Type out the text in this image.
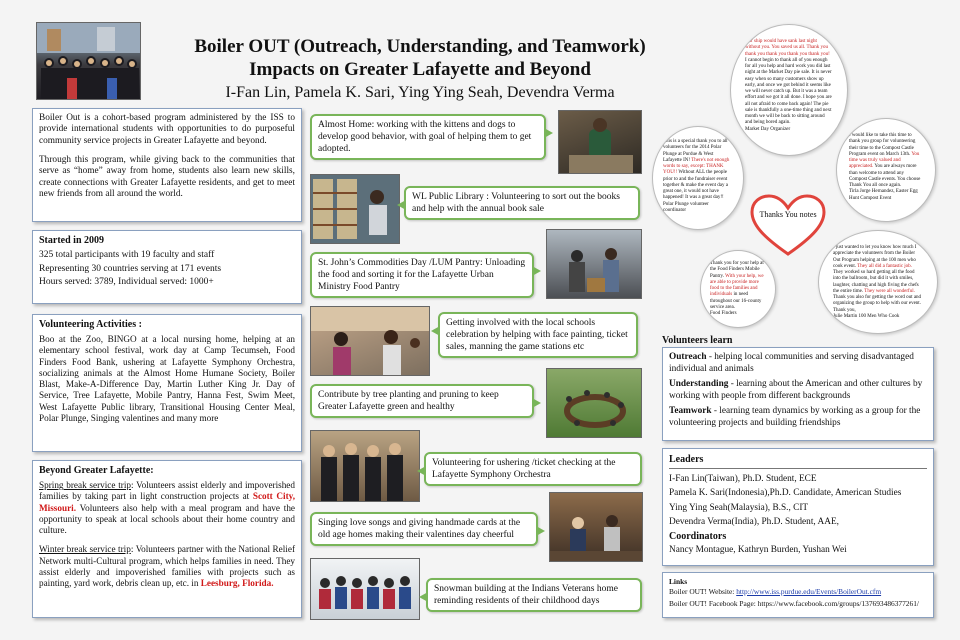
Boiler OUT (Outreach, Understanding, and Teamwork)
Impacts on Greater Lafayette and Beyond
I-Fan Lin, Pamela K. Sari, Ying Ying Seah, Devendra Verma

Boiler Out is a cohort-based program administered by the ISS to provide international students with opportunities to do purposeful community service projects in Greater Lafayette and beyond.

Through this program, while giving back to the communities that serve as “home” away from home, students also learn new skills, create connections with Greater Lafayette residents, and get to meet new friends from all around the world.

Started in 2009

325 total participants with 19 faculty and staff

Representing 30 countries serving at 171 events

Hours served: 3789, Individual served: 1000+

Volunteering Activities :

Boo at the Zoo, BINGO at a local nursing home, helping at an elementary school festival, work day at Camp Tecumseh, Food Finders Food Bank, ushering at Lafayette Symphony Orchestra, socializing animals at the Almost Home Humane Society, Boiler Blast, Make-A-Difference Day, Martin Luther King Jr. Day of Service, Tree Lafayette, Mobile Pantry, Hanna Fest, Swim Meet, West Lafayette Public library, Transitional Housing Center Meal, Polar Plunge, Singing valentines and many more

Beyond Greater Lafayette:

Spring break service trip: Volunteers assist elderly and impoverished families by taking part in light construction projects at Scott City, Missouri. Volunteers also help with a meal program and have the opportunity to speak at local schools about their home country and culture.

Winter break service trip: Volunteers partner with the National Relief Network multi-Cultural program, which helps families in need. They assist elderly and impoverished families with projects such as painting, yard work, debris clean up, etc. in Leesburg, Florida.

Almost Home: working with the kittens and dogs to develop good behavior, with goal of helping them to get adopted.
WL Public Library : Volunteering to sort out the books and help with the annual book sale
St. John’s Commodities Day /LUM Pantry: Unloading the food and sorting it for the Lafayette Urban Ministry Food Pantry
Getting involved with the local schools celebration by helping with face painting, ticket sales, manning the game stations etc
Contribute by tree planting and pruning to keep Greater Lafayette green and healthy
Volunteering for ushering /ticket checking at the Lafayette Symphony Orchestra
Singing love songs and giving handmade cards at the old age homes making their valentines day cheerful
Snowman building at the Indians Veterans home reminding residents of their childhood days
Our ship would have sank last night without you. You saved us all. Thank you thank you thank you thank you thank you!
I cannot begin to thank all of you enough for all you help and hard work you did last night at the Market Day pie sale. It is never easy when so many customers show up early, and once we got behind it seems like we will never catch up. But it was a team effort and we got it all done. I hope you are all not afraid to come back again! The pie sale is thankfully a one-time thing and next month we will be back to sitting around and being bored again.
Market Day Organizer
This is a special thank you to all volunteers for the 2014 Polar Plunge at Purdue & West Lafayette IN! There's not enough words to say, except: THANK YOU!! Without ALL the people prior to and the fundraiser event together & make the event day a great one, it would not have happened! It was a great day!!
Polar Plunge volunteer coordinator
I would like to take this time to thank you group for volunteering their time to the Compost Castle Program event on March 13th. You time was truly valued and appreciated. You are always more than welcome to attend any Compost Castle events. You choose Thank You all once again.
Tirla Jorge Hernandez, Easter Egg Hunt Compost Event
Thank you for your help at the Food Finders Mobile Pantry. With your help, we are able to provide more food to the families and individuals in need throughout our 16-county service area.
Food Finders
I just wanted to let you know how much I appreciate the volunteers from the Boiler Out Program helping at the 100 men who cook event. They all did a fantastic job. They worked so hard getting all the food into the ballroom, but did it with smiles, laughter, chatting and high fiving the chefs the entire time. They were all wonderful. Thank you also for getting the word out and organizing the group to help with our event. Thank you,
Julie Martin 100 Men Who Cook
Thanks You notes
Volunteers learn

Outreach - helping local communities and serving disadvantaged individual and animals

Understanding - learning about the American and other cultures by working with people from different backgrounds

Teamwork - learning team dynamics by working as a group for the volunteering projects and building friendships

Leaders

I-Fan Lin(Taiwan), Ph.D. Student, ECE

Pamela K. Sari(Indonesia),Ph.D. Candidate, American Studies

Ying Ying Seah(Malaysia), B.S., CIT

Devendra Verma(India), Ph.D. Student, AAE,

Coordinators

Nancy Montague, Kathryn Burden, Yushan Wei

Links

Boiler OUT! Website: http://www.iss.purdue.edu/Events/BoilerOut.cfm

Boiler OUT! Facebook Page: https://www.facebook.com/groups/137693486377261/
